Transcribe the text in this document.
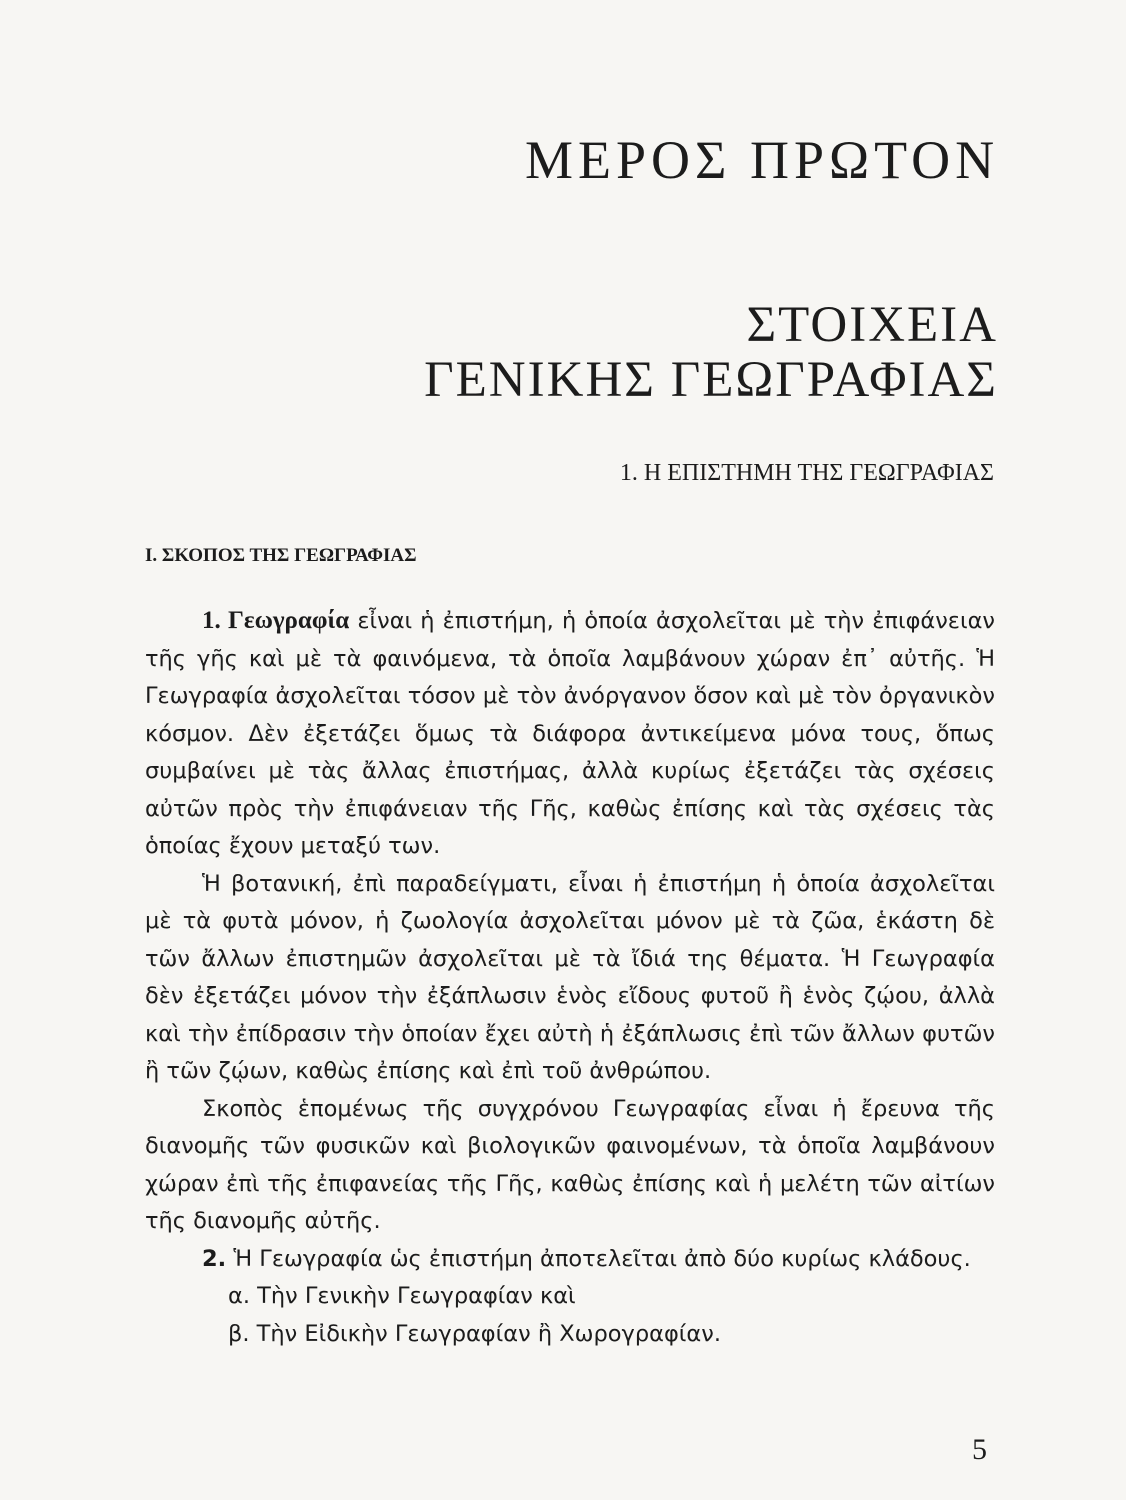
ΜΕΡΟΣ ΠΡΩΤΟΝ
ΣΤΟΙΧΕΙΑ
ΓΕΝΙΚΗΣ ΓΕΩΓΡΑΦΙΑΣ
1. Η ΕΠΙΣΤΗΜΗ ΤΗΣ ΓΕΩΓΡΑΦΙΑΣ
I. ΣΚΟΠΟΣ ΤΗΣ ΓΕΩΓΡΑΦΙΑΣ

1. Γεωγραφία εἶναι ἡ ἐπιστήμη, ἡ ὁποία ἀσχολεῖται μὲ τὴν ἐπιφάνειαν τῆς γῆς καὶ μὲ τὰ φαινόμενα, τὰ ὁποῖα λαμβάνουν χώραν ἐπ᾽ αὐτῆς. Ἡ Γεωγραφία ἀσχολεῖται τόσον μὲ τὸν ἀνόργανον ὅσον καὶ μὲ τὸν ὀργανικὸν κόσμον. Δὲν ἐξετάζει ὅμως τὰ διάφορα ἀντικείμενα μόνα τους, ὅπως συμβαίνει μὲ τὰς ἄλλας ἐπιστήμας, ἀλλὰ κυρίως ἐξετάζει τὰς σχέσεις αὐτῶν πρὸς τὴν ἐπιφάνειαν τῆς Γῆς, καθὼς ἐπίσης καὶ τὰς σχέσεις τὰς ὁποίας ἔχουν μεταξύ των.

Ἡ βοτανική, ἐπὶ παραδείγματι, εἶναι ἡ ἐπιστήμη ἡ ὁποία ἀσχολεῖται μὲ τὰ φυτὰ μόνον, ἡ ζωολογία ἀσχολεῖται μόνον μὲ τὰ ζῶα, ἑκάστη δὲ τῶν ἄλλων ἐπιστημῶν ἀσχολεῖται μὲ τὰ ἴδιά της θέματα. Ἡ Γεωγραφία δὲν ἐξετάζει μόνον τὴν ἐξάπλωσιν ἑνὸς εἴδους φυτοῦ ἢ ἑνὸς ζῴου, ἀλλὰ καὶ τὴν ἐπίδρασιν τὴν ὁποίαν ἔχει αὐτὴ ἡ ἐξάπλωσις ἐπὶ τῶν ἄλλων φυτῶν ἢ τῶν ζῴων, καθὼς ἐπίσης καὶ ἐπὶ τοῦ ἀνθρώπου.

Σκοπὸς ἑπομένως τῆς συγχρόνου Γεωγραφίας εἶναι ἡ ἔρευνα τῆς διανομῆς τῶν φυσικῶν καὶ βιολογικῶν φαινομένων, τὰ ὁποῖα λαμβάνουν χώραν ἐπὶ τῆς ἐπιφανείας τῆς Γῆς, καθὼς ἐπίσης καὶ ἡ μελέτη τῶν αἰτίων τῆς διανομῆς αὐτῆς.

2. Ἡ Γεωγραφία ὡς ἐπιστήμη ἀποτελεῖται ἀπὸ δύο κυρίως κλάδους.

α. Τὴν Γενικὴν Γεωγραφίαν καὶ

β. Τὴν Εἰδικὴν Γεωγραφίαν ἢ Χωρογραφίαν.

5
